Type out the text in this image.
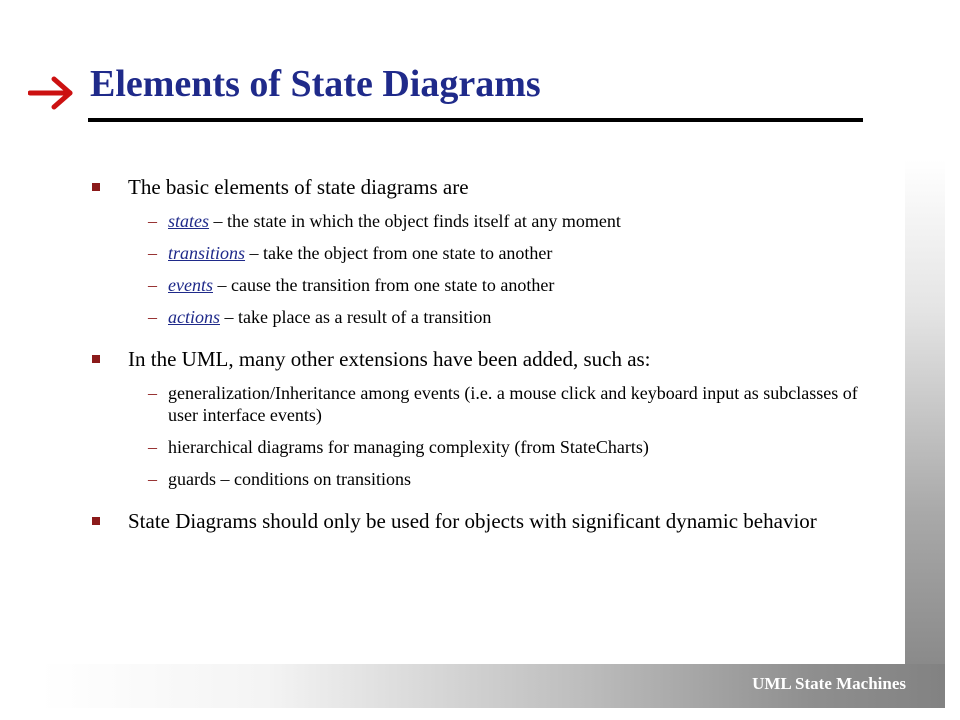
UML State Machines
Elements of State Diagrams
The basic elements of state diagrams are
– states – the state in which the object finds itself at any moment
– transitions – take the object from one state to another
– events – cause the transition from one state to another
– actions – take place as a result of a transition
In the UML, many other extensions have been added, such as:
– generalization/Inheritance among events (i.e. a mouse click and keyboard input as subclasses of user interface events)
– hierarchical diagrams for managing complexity (from StateCharts)
– guards – conditions on transitions
State Diagrams should only be used for objects with significant dynamic behavior
